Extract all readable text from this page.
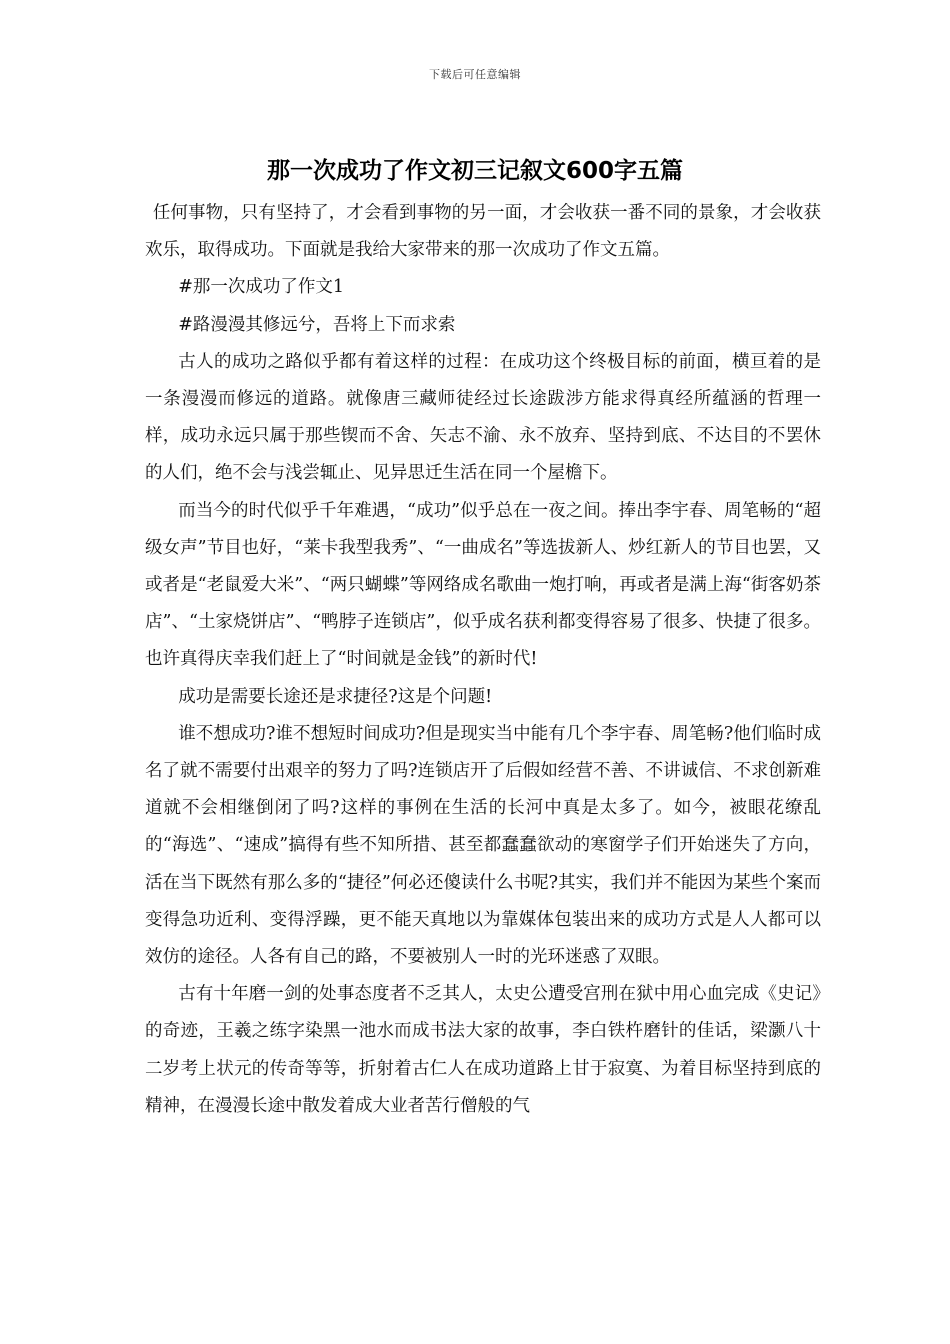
下载后可任意编辑
那一次成功了作文初三记叙文600字五篇

任何事物，只有坚持了，才会看到事物的另一面，才会收获一番不同的景象，才会收获欢乐，取得成功。下面就是我给大家带来的那一次成功了作文五篇。

#那一次成功了作文1

#路漫漫其修远兮，吾将上下而求索

古人的成功之路似乎都有着这样的过程：在成功这个终极目标的前面，横亘着的是一条漫漫而修远的道路。就像唐三藏师徒经过长途跋涉方能求得真经所蕴涵的哲理一样，成功永远只属于那些锲而不舍、矢志不渝、永不放弃、坚持到底、不达目的不罢休的人们，绝不会与浅尝辄止、见异思迁生活在同一个屋檐下。

而当今的时代似乎千年难遇，“成功”似乎总在一夜之间。捧出李宇春、周笔畅的“超级女声”节目也好，“莱卡我型我秀”、“一曲成名”等选拔新人、炒红新人的节目也罢，又或者是“老鼠爱大米”、“两只蝴蝶”等网络成名歌曲一炮打响，再或者是满上海“街客奶茶店”、“土家烧饼店”、“鸭脖子连锁店”，似乎成名获利都变得容易了很多、快捷了很多。也许真得庆幸我们赶上了“时间就是金钱”的新时代!

成功是需要长途还是求捷径?这是个问题!

谁不想成功?谁不想短时间成功?但是现实当中能有几个李宇春、周笔畅?他们临时成名了就不需要付出艰辛的努力了吗?连锁店开了后假如经营不善、不讲诚信、不求创新难道就不会相继倒闭了吗?这样的事例在生活的长河中真是太多了。如今，被眼花缭乱的“海选”、“速成”搞得有些不知所措、甚至都蠢蠢欲动的寒窗学子们开始迷失了方向，活在当下既然有那么多的“捷径”何必还傻读什么书呢?其实，我们并不能因为某些个案而变得急功近利、变得浮躁，更不能天真地以为靠媒体包装出来的成功方式是人人都可以效仿的途径。人各有自己的路，不要被别人一时的光环迷惑了双眼。

古有十年磨一剑的处事态度者不乏其人，太史公遭受宫刑在狱中用心血完成《史记》的奇迹，王羲之练字染黑一池水而成书法大家的故事，李白铁杵磨针的佳话，梁灏八十二岁考上状元的传奇等等，折射着古仁人在成功道路上甘于寂寞、为着目标坚持到底的精神，在漫漫长途中散发着成大业者苦行僧般的气
